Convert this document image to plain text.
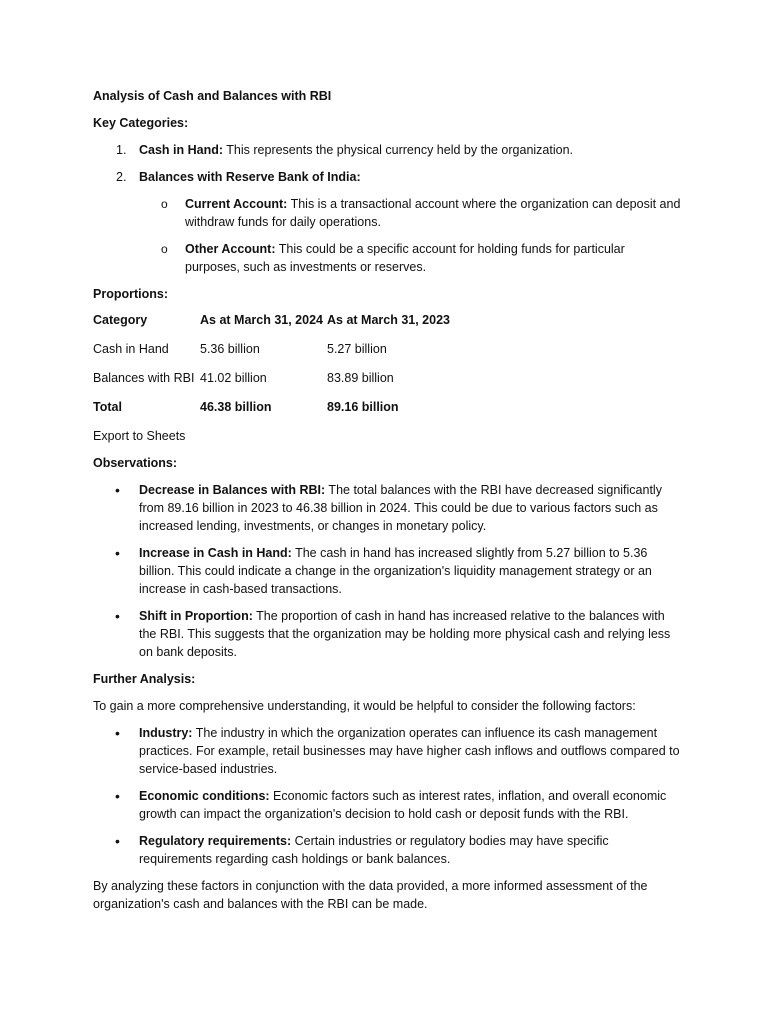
Analysis of Cash and Balances with RBI

Key Categories:

1. Cash in Hand: This represents the physical currency held by the organization.
2. Balances with Reserve Bank of India:
o Current Account: This is a transactional account where the organization can deposit and withdraw funds for daily operations.
o Other Account: This could be a specific account for holding funds for particular purposes, such as investments or reserves.

Proportions:

Category	As at March 31, 2024	As at March 31, 2023
Cash in Hand	5.36 billion	5.27 billion
Balances with RBI	41.02 billion	83.89 billion
Total	46.38 billion	89.16 billion

Export to Sheets

Observations:

• Decrease in Balances with RBI: The total balances with the RBI have decreased significantly from 89.16 billion in 2023 to 46.38 billion in 2024. This could be due to various factors such as increased lending, investments, or changes in monetary policy.
• Increase in Cash in Hand: The cash in hand has increased slightly from 5.27 billion to 5.36 billion. This could indicate a change in the organization's liquidity management strategy or an increase in cash-based transactions.
• Shift in Proportion: The proportion of cash in hand has increased relative to the balances with the RBI. This suggests that the organization may be holding more physical cash and relying less on bank deposits.

Further Analysis:

To gain a more comprehensive understanding, it would be helpful to consider the following factors:

• Industry: The industry in which the organization operates can influence its cash management practices. For example, retail businesses may have higher cash inflows and outflows compared to service-based industries.
• Economic conditions: Economic factors such as interest rates, inflation, and overall economic growth can impact the organization's decision to hold cash or deposit funds with the RBI.
• Regulatory requirements: Certain industries or regulatory bodies may have specific requirements regarding cash holdings or bank balances.

By analyzing these factors in conjunction with the data provided, a more informed assessment of the organization's cash and balances with the RBI can be made.
